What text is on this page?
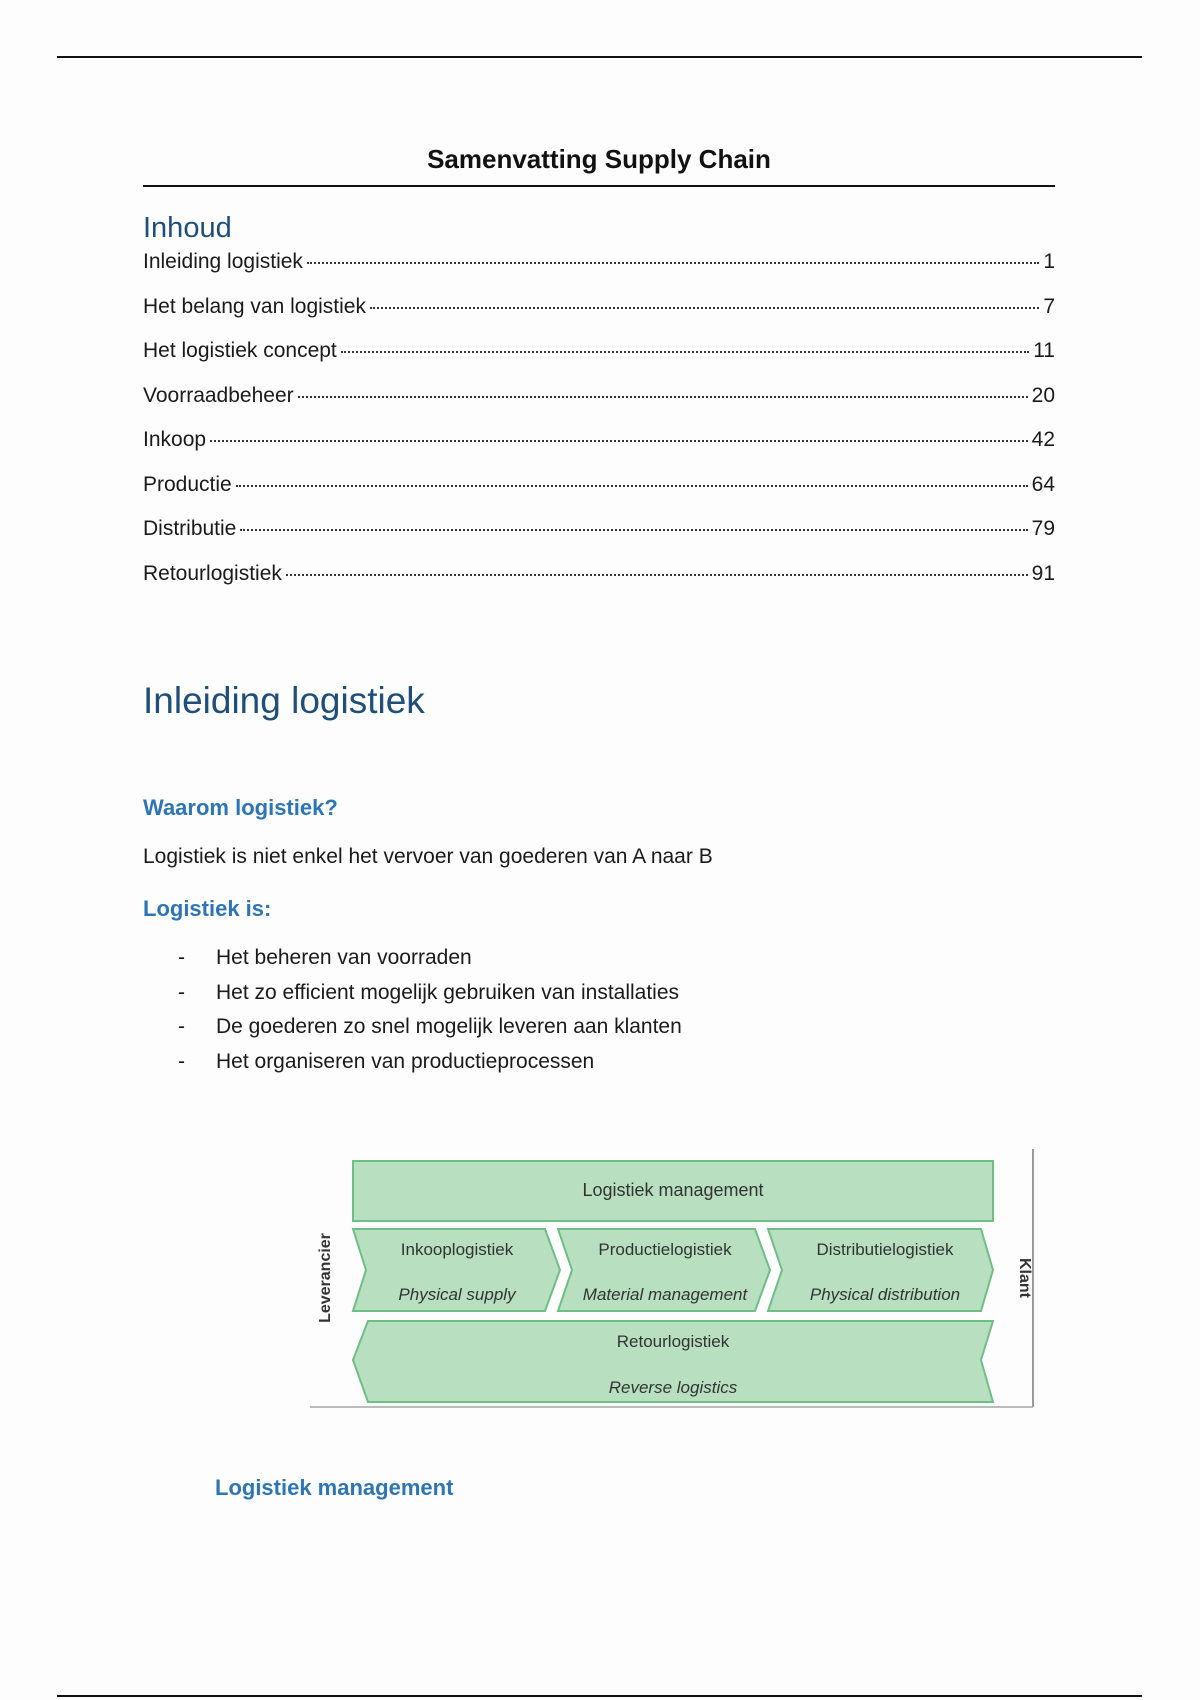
Samenvatting Supply Chain
Inhoud
Inleiding logistiek	1
Het belang van logistiek	7
Het logistiek concept	11
Voorraadbeheer	20
Inkoop	42
Productie	64
Distributie	79
Retourlogistiek	91
Inleiding logistiek
Waarom logistiek?
Logistiek is niet enkel het vervoer van goederen van A naar B
Logistiek is:
-	Het beheren van voorraden
-	Het zo efficient mogelijk gebruiken van installaties
-	De goederen zo snel mogelijk leveren aan klanten
-	Het organiseren van productieprocessen
Logistiek management
Inkooplogistiek
Physical supply
Productielogistiek
Material management
Distributielogistiek
Physical distribution
Retourlogistiek
Reverse logistics
Leverancier	Klant
Logistiek management
